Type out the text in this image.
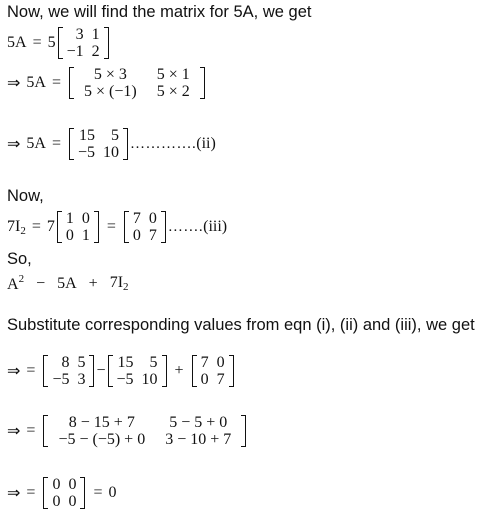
Now, we will find the matrix for 5A, we get
5A = 5 3	1
−1	2
⇒ 5A = 5 × 3	5 × 1
5 × (−1)	5 × 2
⇒ 5A = 15	5
−5	10
…………. (ii)
Now,
$7I_2 = 7$ 1	0
0	1
= 7	0
0	7
……. (iii)
So,
$A^2 - 5A + 7I_2$
Substitute corresponding values from eqn (i), (ii) and (iii), we get
⇒ = 8	5
−5	3
− 15	5
−5	10
+ 7	0
0	7
⇒ = 8 − 15 + 7	5 − 5 + 0
−5 − (−5) + 0	3 − 10 + 7
⇒ = 0	0
0	0
= 0
